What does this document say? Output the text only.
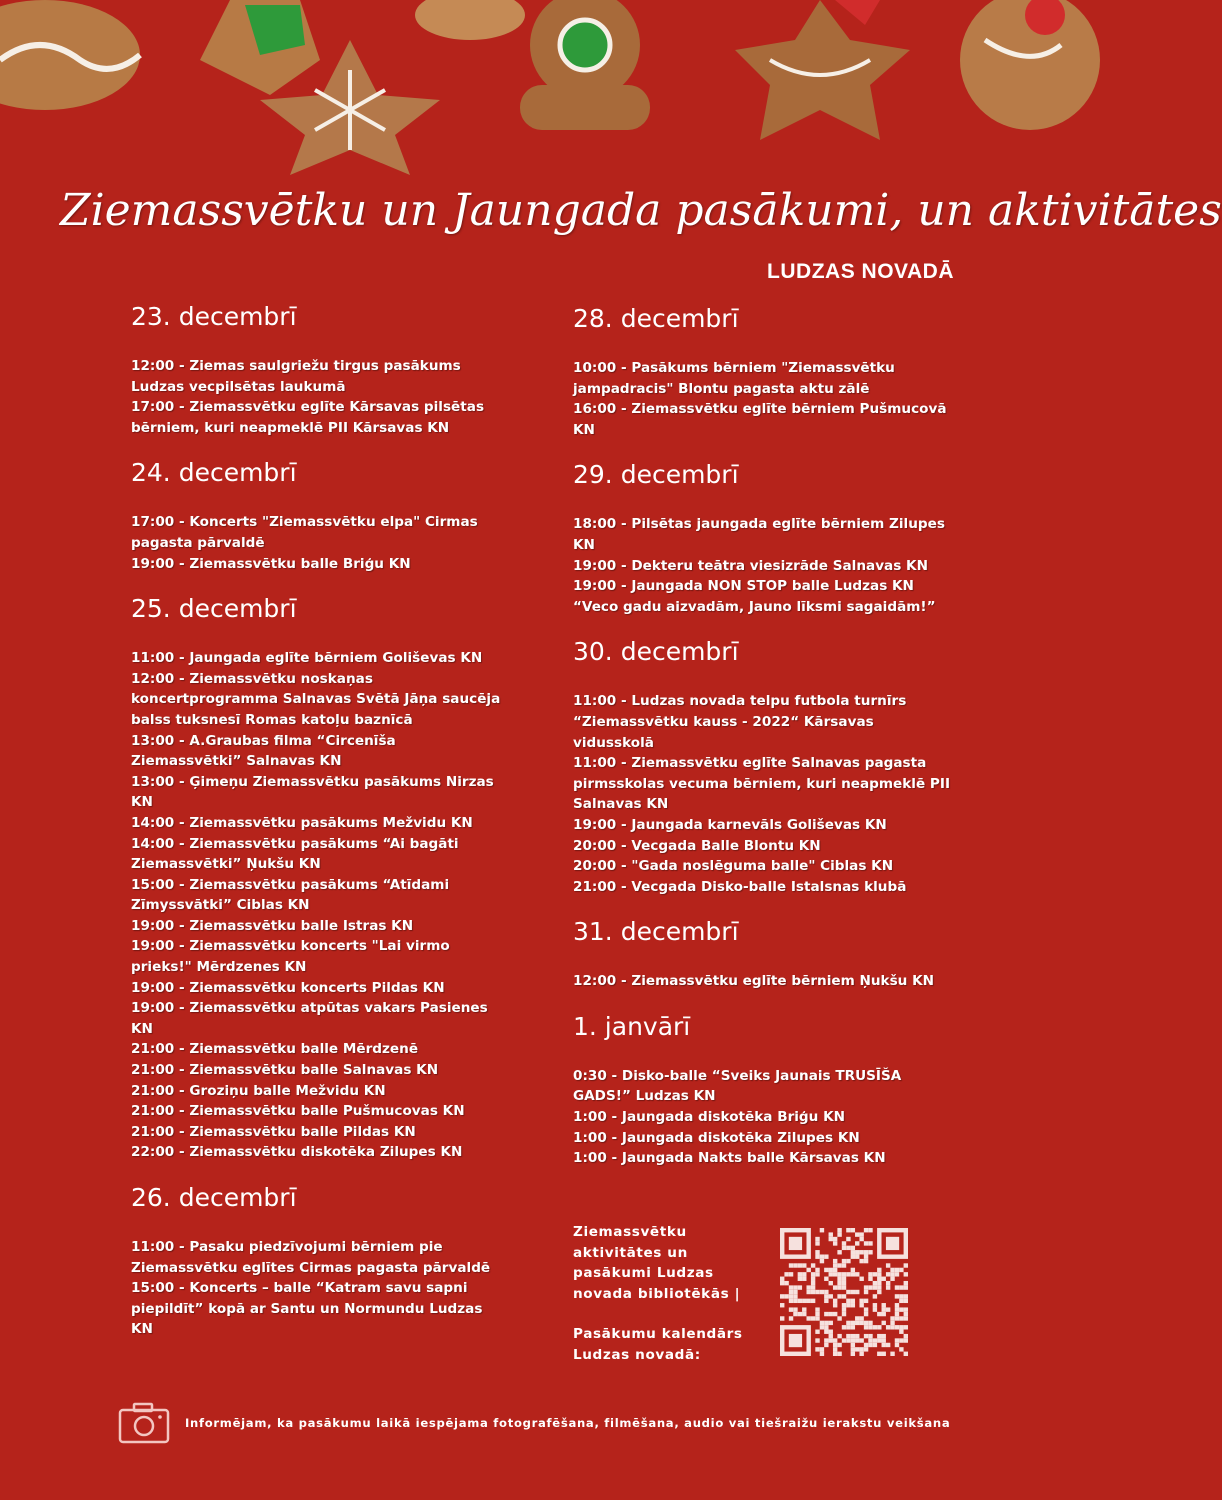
Ziemassvētku un Jaungada pasākumi, un aktivitātes
LUDZAS NOVADĀ
23. decembrī

12:00 - Ziemas saulgriežu tirgus pasākums Ludzas vecpilsētas laukumā

17:00 - Ziemassvētku eglīte Kārsavas pilsētas bērniem, kuri neapmeklē PII Kārsavas KN

24. decembrī

17:00 - Koncerts "Ziemassvētku elpa" Cirmas pagasta pārvaldē

19:00 - Ziemassvētku balle Briģu KN

25. decembrī

11:00 - Jaungada eglīte bērniem Goliševas KN

12:00 - Ziemassvētku noskaņas koncertprogramma Salnavas Svētā Jāņa saucēja balss tuksnesī Romas katoļu baznīcā

13:00 - A.Graubas filma “Circenīša Ziemassvētki” Salnavas KN

13:00 - Ģimeņu Ziemassvētku pasākums Nirzas KN

14:00 - Ziemassvētku pasākums Mežvidu KN

14:00 - Ziemassvētku pasākums “Ai bagāti Ziemassvētki” Ņukšu KN

15:00 - Ziemassvētku pasākums “Atīdami Zīmyssvātki” Ciblas KN

19:00 - Ziemassvētku balle Istras KN

19:00 - Ziemassvētku koncerts "Lai virmo prieks!" Mērdzenes KN

19:00 - Ziemassvētku koncerts Pildas KN

19:00 - Ziemassvētku atpūtas vakars Pasienes KN

21:00 - Ziemassvētku balle Mērdzenē

21:00 - Ziemassvētku balle Salnavas KN

21:00 - Groziņu balle Mežvidu KN

21:00 - Ziemassvētku balle Pušmucovas KN

21:00 - Ziemassvētku balle Pildas KN

22:00 - Ziemassvētku diskotēka Zilupes KN

26. decembrī

11:00 - Pasaku piedzīvojumi bērniem pie Ziemassvētku eglītes Cirmas pagasta pārvaldē

15:00 - Koncerts – balle “Katram savu sapni piepildīt” kopā ar Santu un Normundu Ludzas KN

28. decembrī

10:00 - Pasākums bērniem "Ziemassvētku jampadracis" Blontu pagasta aktu zālē

16:00 - Ziemassvētku eglīte bērniem Pušmucovā KN

29. decembrī

18:00 - Pilsētas jaungada eglīte bērniem Zilupes KN

19:00 - Dekteru teātra viesizrāde Salnavas KN

19:00 - Jaungada NON STOP balle Ludzas KN “Veco gadu aizvadām, Jauno līksmi sagaidām!”

30. decembrī

11:00 - Ludzas novada telpu futbola turnīrs “Ziemassvētku kauss - 2022“ Kārsavas vidusskolā

11:00 - Ziemassvētku eglīte Salnavas pagasta pirmsskolas vecuma bērniem, kuri neapmeklē PII Salnavas KN

19:00 - Jaungada karnevāls Goliševas KN

20:00 - Vecgada Balle Blontu KN

20:00 - "Gada noslēguma balle" Ciblas KN

21:00 - Vecgada Disko-balle Istalsnas klubā

31. decembrī

12:00 - Ziemassvētku eglīte bērniem Ņukšu KN

1. janvārī

0:30 - Disko-balle “Sveiks Jaunais TRUSĪŠA GADS!” Ludzas KN

1:00 - Jaungada diskotēka Briģu KN

1:00 - Jaungada diskotēka Zilupes KN

1:00 - Jaungada Nakts balle Kārsavas KN

Ziemassvētku aktivitātes un pasākumi Ludzas novada bibliotēkās |

Pasākumu kalendārs Ludzas novadā:

Informējam, ka pasākumu laikā iespējama fotografēšana, filmēšana, audio vai tiešraižu ierakstu veikšana
